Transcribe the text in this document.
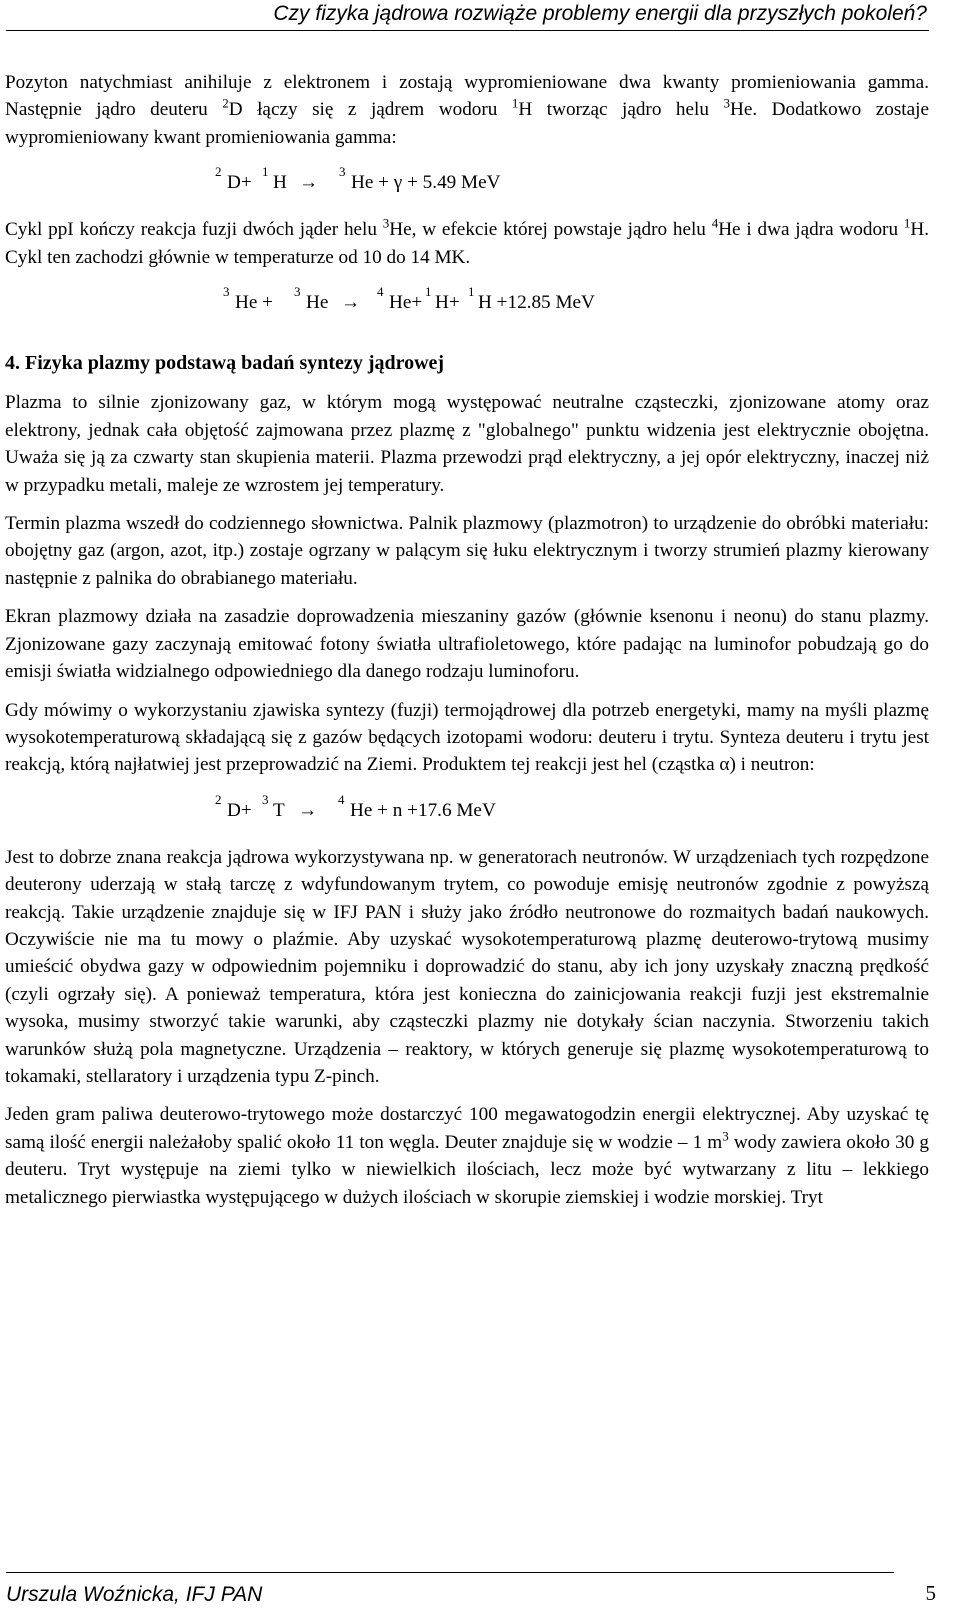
Czy fizyka jądrowa rozwiąże problemy energii dla przyszłych pokoleń?

Pozyton natychmiast anihiluje z elektronem i zostają wypromieniowane dwa kwanty promieniowania gamma. Następnie jądro deuteru $^2$D łączy się z jądrem wodoru $^1$H tworząc jądro helu $^3$He. Dodatkowo zostaje wypromieniowany kwant promieniowania gamma:

2
D+
1
H →
3
He + γ + 5.49 MeV

Cykl ppI kończy reakcja fuzji dwóch jąder helu $^3$He, w efekcie której powstaje jądro helu $^4$He i dwa jądra wodoru $^1$H. Cykl ten zachodzi głównie w temperaturze od 10 do 14 MK.

3
He +
3
He →
4
He+
1
H+
1
H +12.85 MeV

4. Fizyka plazmy podstawą badań syntezy jądrowej

Plazma to silnie zjonizowany gaz, w którym mogą występować neutralne cząsteczki, zjonizowane atomy oraz elektrony, jednak cała objętość zajmowana przez plazmę z "globalnego" punktu widzenia jest elektrycznie obojętna. Uważa się ją za czwarty stan skupienia materii. Plazma przewodzi prąd elektryczny, a jej opór elektryczny, inaczej niż w przypadku metali, maleje ze wzrostem jej temperatury.

Termin plazma wszedł do codziennego słownictwa. Palnik plazmowy (plazmotron) to urządzenie do obróbki materiału: obojętny gaz (argon, azot, itp.) zostaje ogrzany w palącym się łuku elektrycznym i tworzy strumień plazmy kierowany następnie z palnika do obrabianego materiału.

Ekran plazmowy działa na zasadzie doprowadzenia mieszaniny gazów (głównie ksenonu i neonu) do stanu plazmy. Zjonizowane gazy zaczynają emitować fotony światła ultrafioletowego, które padając na luminofor pobudzają go do emisji światła widzialnego odpowiedniego dla danego rodzaju luminoforu.

Gdy mówimy o wykorzystaniu zjawiska syntezy (fuzji) termojądrowej dla potrzeb energetyki, mamy na myśli plazmę wysokotemperaturową składającą się z gazów będących izotopami wodoru: deuteru i trytu. Synteza deuteru i trytu jest reakcją, którą najłatwiej jest przeprowadzić na Ziemi. Produktem tej reakcji jest hel (cząstka α) i neutron:

2
D+
3
T →
4
He + n +17.6 MeV

Jest to dobrze znana reakcja jądrowa wykorzystywana np. w generatorach neutronów. W urządzeniach tych rozpędzone deuterony uderzają w stałą tarczę z wdyfundowanym trytem, co powoduje emisję neutronów zgodnie z powyższą reakcją. Takie urządzenie znajduje się w IFJ PAN i służy jako źródło neutronowe do rozmaitych badań naukowych. Oczywiście nie ma tu mowy o plaźmie. Aby uzyskać wysokotemperaturową plazmę deuterowo-trytową musimy umieścić obydwa gazy w odpowiednim pojemniku i doprowadzić do stanu, aby ich jony uzyskały znaczną prędkość (czyli ogrzały się). A ponieważ temperatura, która jest konieczna do zainicjowania reakcji fuzji jest ekstremalnie wysoka, musimy stworzyć takie warunki, aby cząsteczki plazmy nie dotykały ścian naczynia. Stworzeniu takich warunków służą pola magnetyczne. Urządzenia – reaktory, w których generuje się plazmę wysokotemperaturową to tokamaki, stellaratory i urządzenia typu Z-pinch.

Jeden gram paliwa deuterowo-trytowego może dostarczyć 100 megawatogodzin energii elektrycznej. Aby uzyskać tę samą ilość energii należałoby spalić około 11 ton węgla. Deuter znajduje się w wodzie – 1 $m^3$ wody zawiera około 30 g deuteru. Tryt występuje na ziemi tylko w niewielkich ilościach, lecz może być wytwarzany z litu – lekkiego metalicznego pierwiastka występującego w dużych ilościach w skorupie ziemskiej i wodzie morskiej. Tryt

Urszula Woźnicka, IFJ PAN	5
